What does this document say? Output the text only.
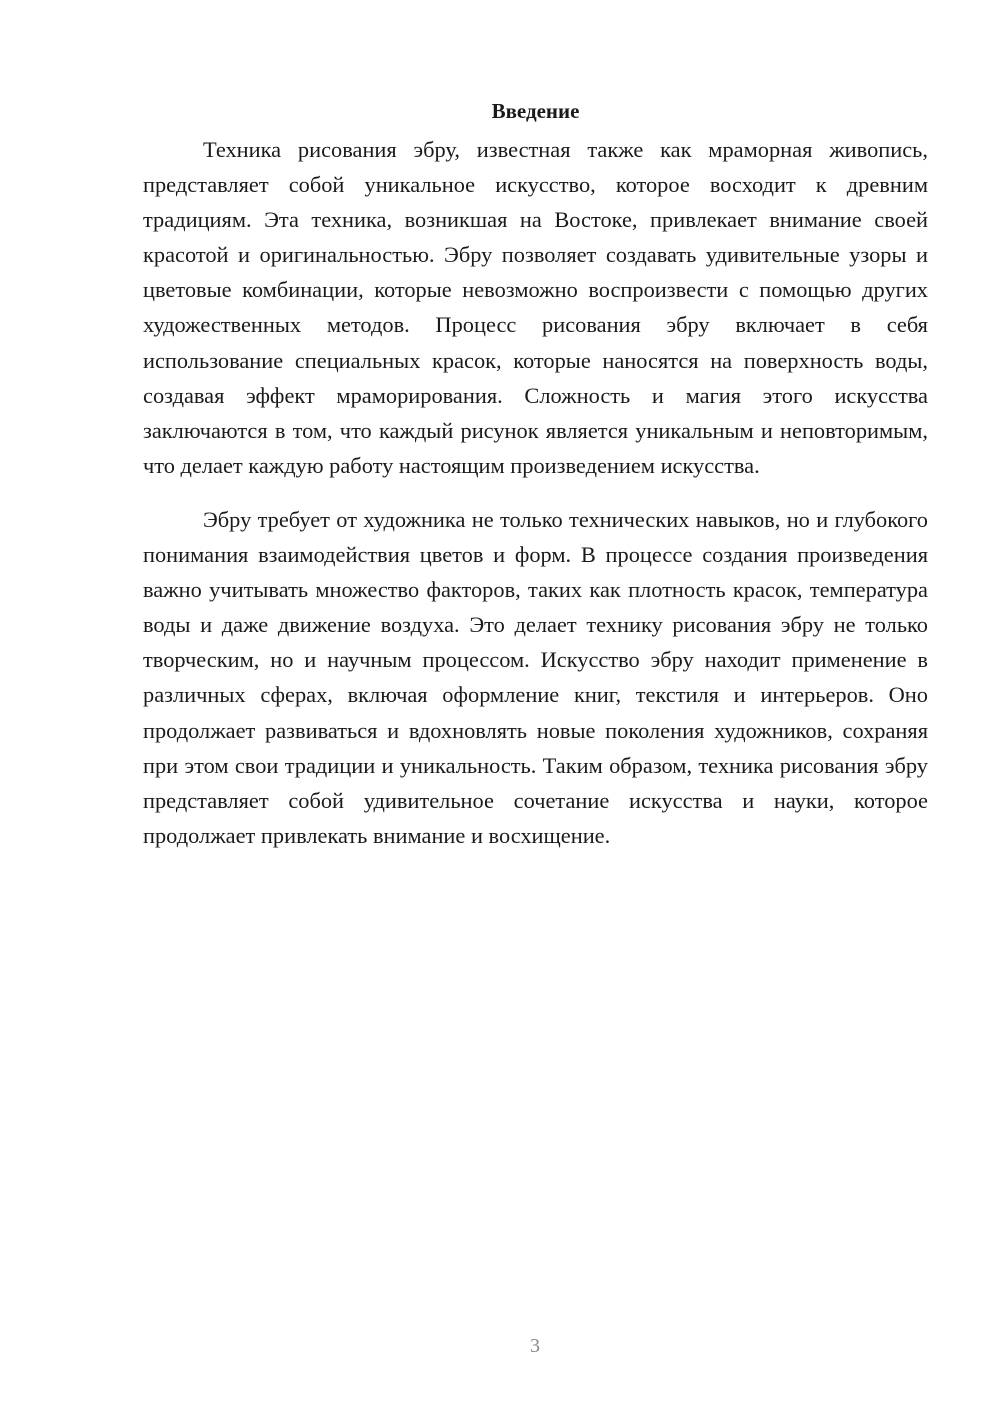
Введение

Техника рисования эбру, известная также как мраморная живопись, представляет собой уникальное искусство, которое восходит к древним традициям. Эта техника, возникшая на Востоке, привлекает внимание своей красотой и оригинальностью. Эбру позволяет создавать удивительные узоры и цветовые комбинации, которые невозможно воспроизвести с помощью других художественных методов. Процесс рисования эбру включает в себя использование специальных красок, которые наносятся на поверхность воды, создавая эффект мраморирования. Сложность и магия этого искусства заключаются в том, что каждый рисунок является уникальным и неповторимым, что делает каждую работу настоящим произведением искусства.

Эбру требует от художника не только технических навыков, но и глубокого понимания взаимодействия цветов и форм. В процессе создания произведения важно учитывать множество факторов, таких как плотность красок, температура воды и даже движение воздуха. Это делает технику рисования эбру не только творческим, но и научным процессом. Искусство эбру находит применение в различных сферах, включая оформление книг, текстиля и интерьеров. Оно продолжает развиваться и вдохновлять новые поколения художников, сохраняя при этом свои традиции и уникальность. Таким образом, техника рисования эбру представляет собой удивительное сочетание искусства и науки, которое продолжает привлекать внимание и восхищение.

3
